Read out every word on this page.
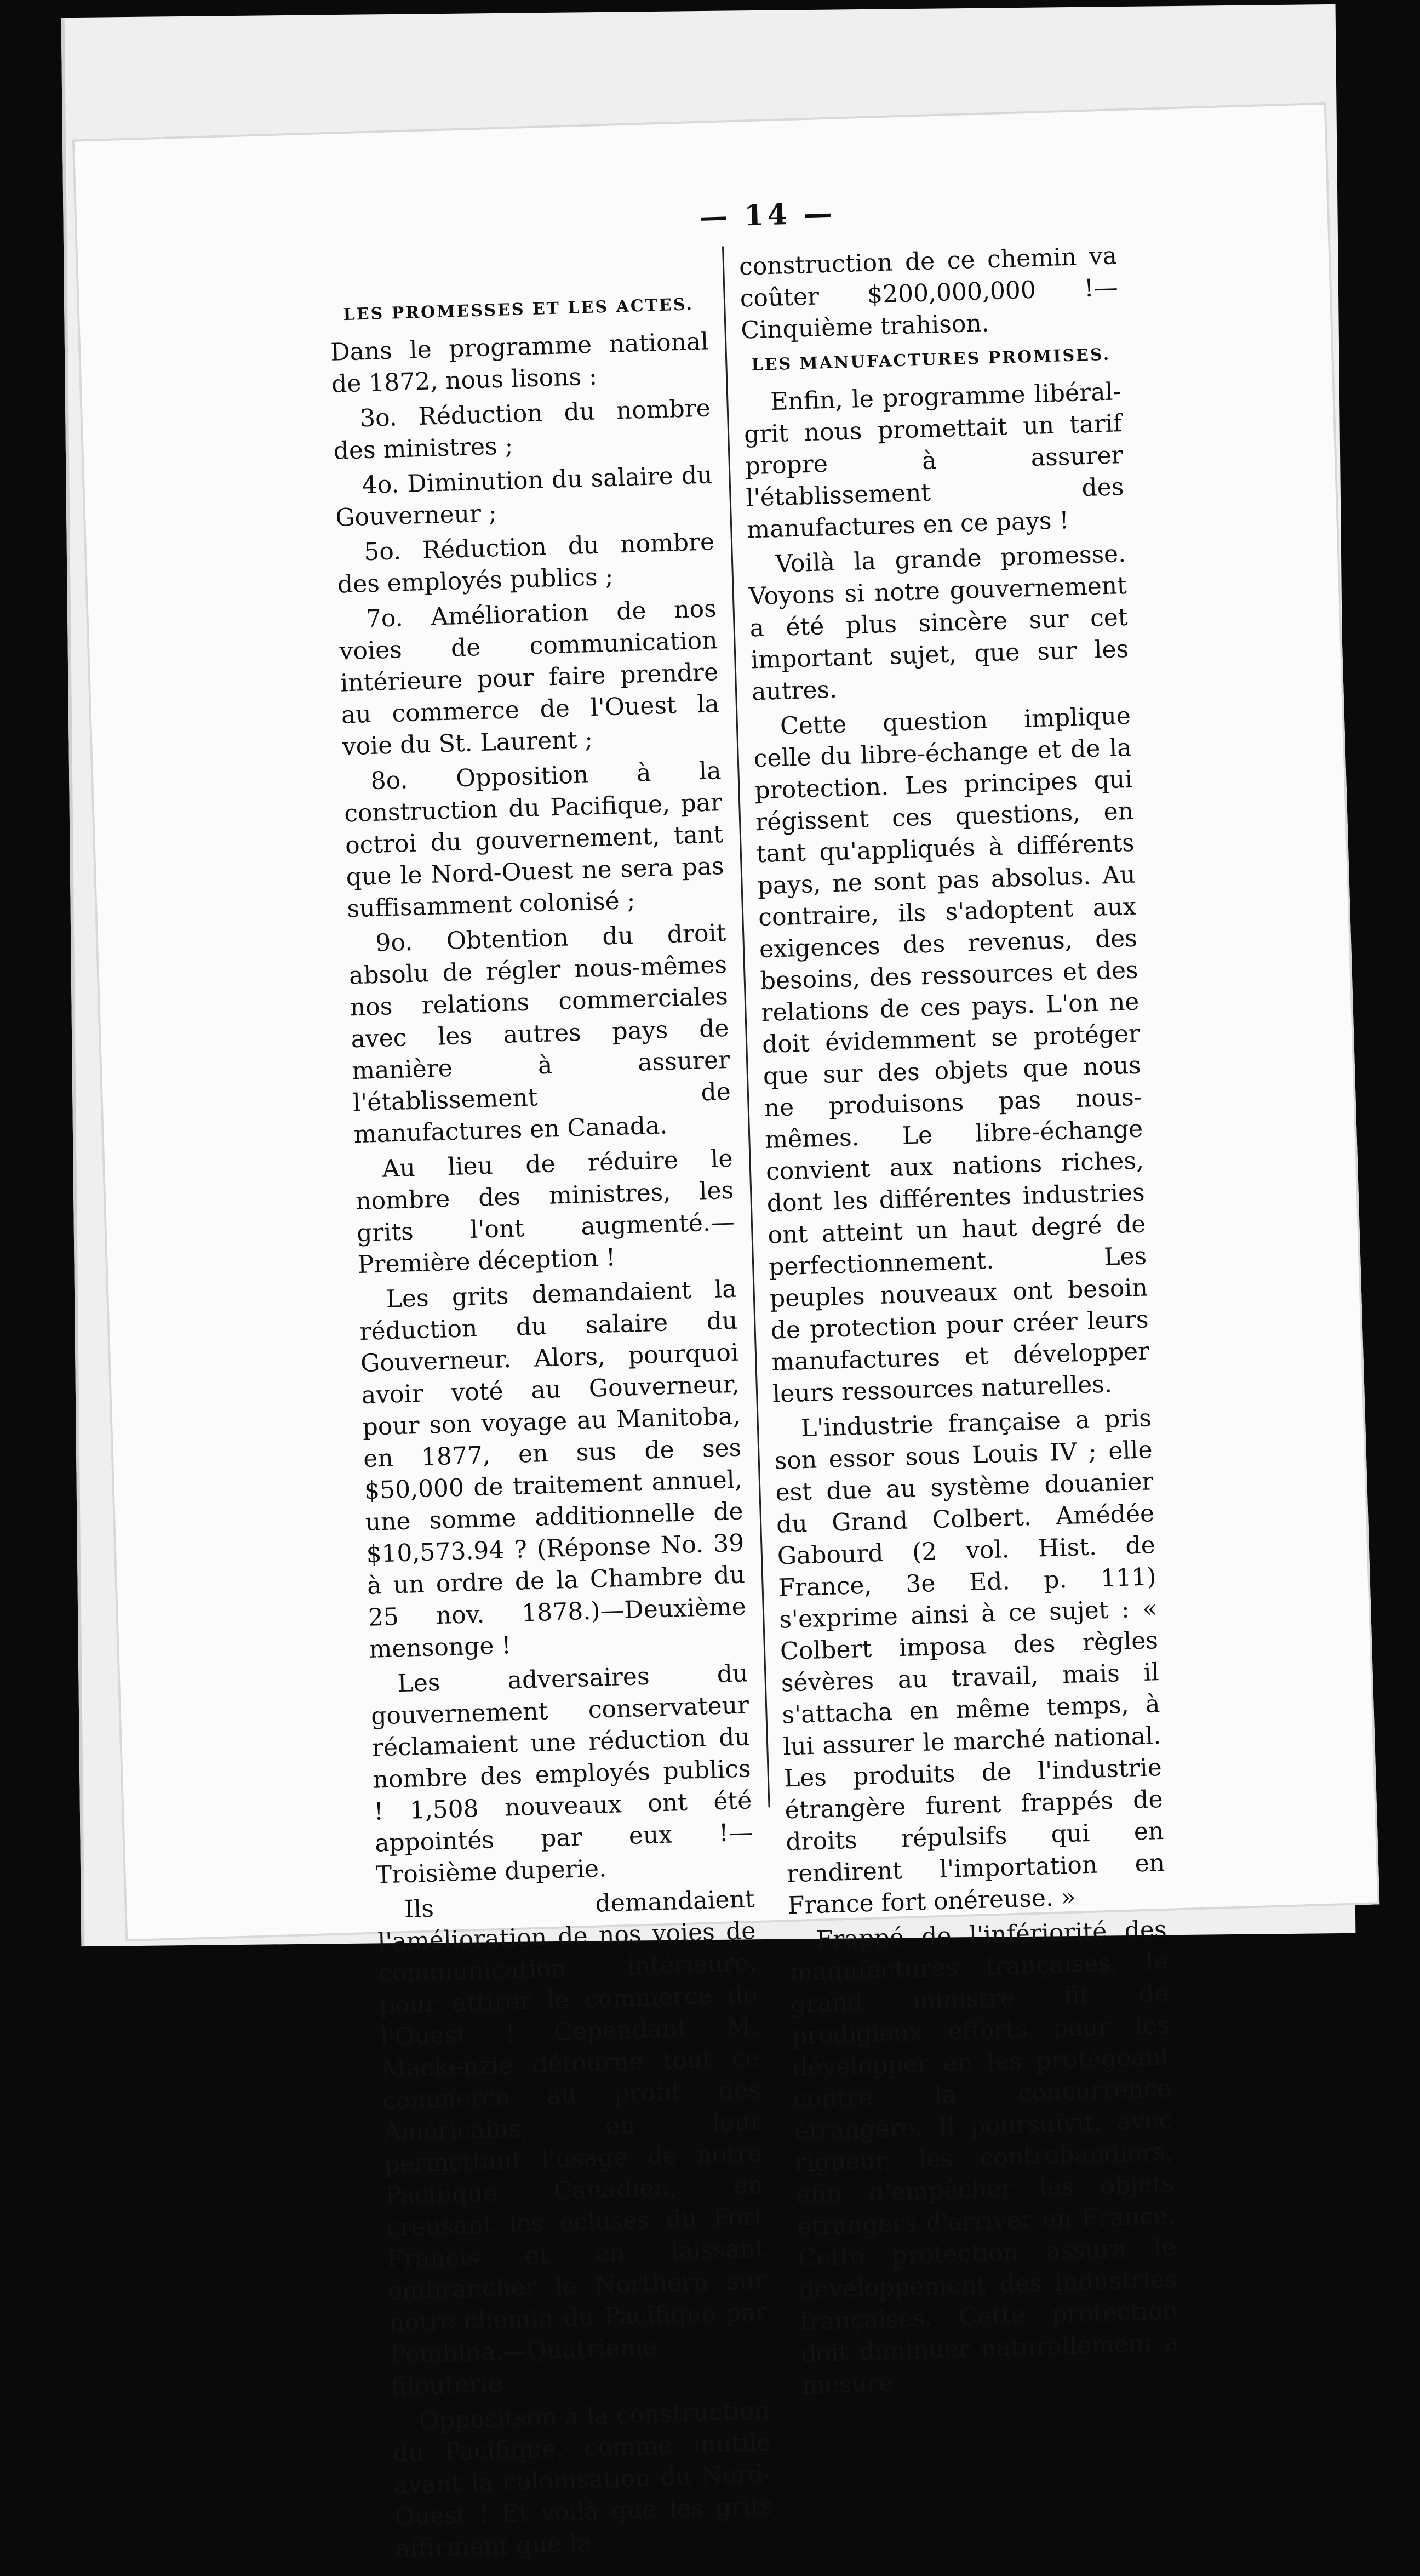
— 14 —
LES PROMESSES ET LES ACTES.

Dans le programme national de 1872, nous lisons :

3o. Réduction du nombre des ministres ;

4o. Diminution du salaire du Gouverneur ;

5o. Réduction du nombre des employés publics ;

7o. Amélioration de nos voies de communication intérieure pour faire prendre au commerce de l'Ouest la voie du St. Laurent ;

8o. Opposition à la construction du Pacifique, par octroi du gouvernement, tant que le Nord-Ouest ne sera pas suffisamment colonisé ;

9o. Obtention du droit absolu de régler nous-mêmes nos relations commerciales avec les autres pays de manière à assurer l'établissement de manufactures en Canada.

Au lieu de réduire le nombre des ministres, les grits l'ont augmenté.—Première déception !

Les grits demandaient la réduction du salaire du Gouverneur. Alors, pourquoi avoir voté au Gouverneur, pour son voyage au Manitoba, en 1877, en sus de ses $50,000 de traitement annuel, une somme additionnelle de $10,573.94 ? (Réponse No. 39 à un ordre de la Chambre du 25 nov. 1878.)—Deuxième mensonge !

Les adversaires du gouvernement conservateur réclamaient une réduction du nombre des employés publics ! 1,508 nouveaux ont été appointés par eux !— Troisième duperie.

Ils demandaient l'amélioration de nos voies de communication intérieure, pour attirer le commerce de l'Ouest ! Cependant M. Mackenzie détourne tout ce commerce au profit des Américains, en leur permettant l'usage de notre Pacifique Canadien, en creusant les écluses du Fort Francis et en laissant embrancher le Northern sur notre chemin du Pacifique par Pembina.—Quatrième filouterie.

Oppositson à la construction du Pacifique, comme inutile avant la colonisation du Nord-Ouest ! Et voilà que les grits affirment que la

construction de ce chemin va coûter $200,000,000 !— Cinquième trahison.

LES MANUFACTURES PROMISES.

Enfin, le programme libéral-grit nous promettait un tarif propre à assurer l'établissement des manufactures en ce pays !

Voilà la grande promesse. Voyons si notre gouvernement a été plus sincère sur cet important sujet, que sur les autres.

Cette question implique celle du libre-échange et de la protection. Les principes qui régissent ces questions, en tant qu'appliqués à différents pays, ne sont pas absolus. Au contraire, ils s'adoptent aux exigences des revenus, des besoins, des ressources et des relations de ces pays. L'on ne doit évidemment se protéger que sur des objets que nous ne produisons pas nous-mêmes. Le libre-échange convient aux nations riches, dont les différentes industries ont atteint un haut degré de perfectionnement. Les peuples nouveaux ont besoin de protection pour créer leurs manufactures et développer leurs ressources naturelles.

L'industrie française a pris son essor sous Louis IV ; elle est due au système douanier du Grand Colbert. Amédée Gabourd (2 vol. Hist. de France, 3e Ed. p. 111) s'exprime ainsi à ce sujet : « Colbert imposa des règles sévères au travail, mais il s'attacha en même temps, à lui assurer le marché national. Les produits de l'industrie étrangère furent frappés de droits répulsifs qui en rendirent l'importation en France fort onéreuse. »

Frappé de l'infériorité des manufactures françaises, le grand ministre fit de prodigieux efforts pour les développer en les protégeant contre la concurrence étrangère. Il poursuivit, avec rigueur, les contrebandiers, afin d'empêcher les objets étrangers d'arriver en France. Cette protection assura le développement des industries françaises. Cette protection doit diminuer naturellement à mesure
